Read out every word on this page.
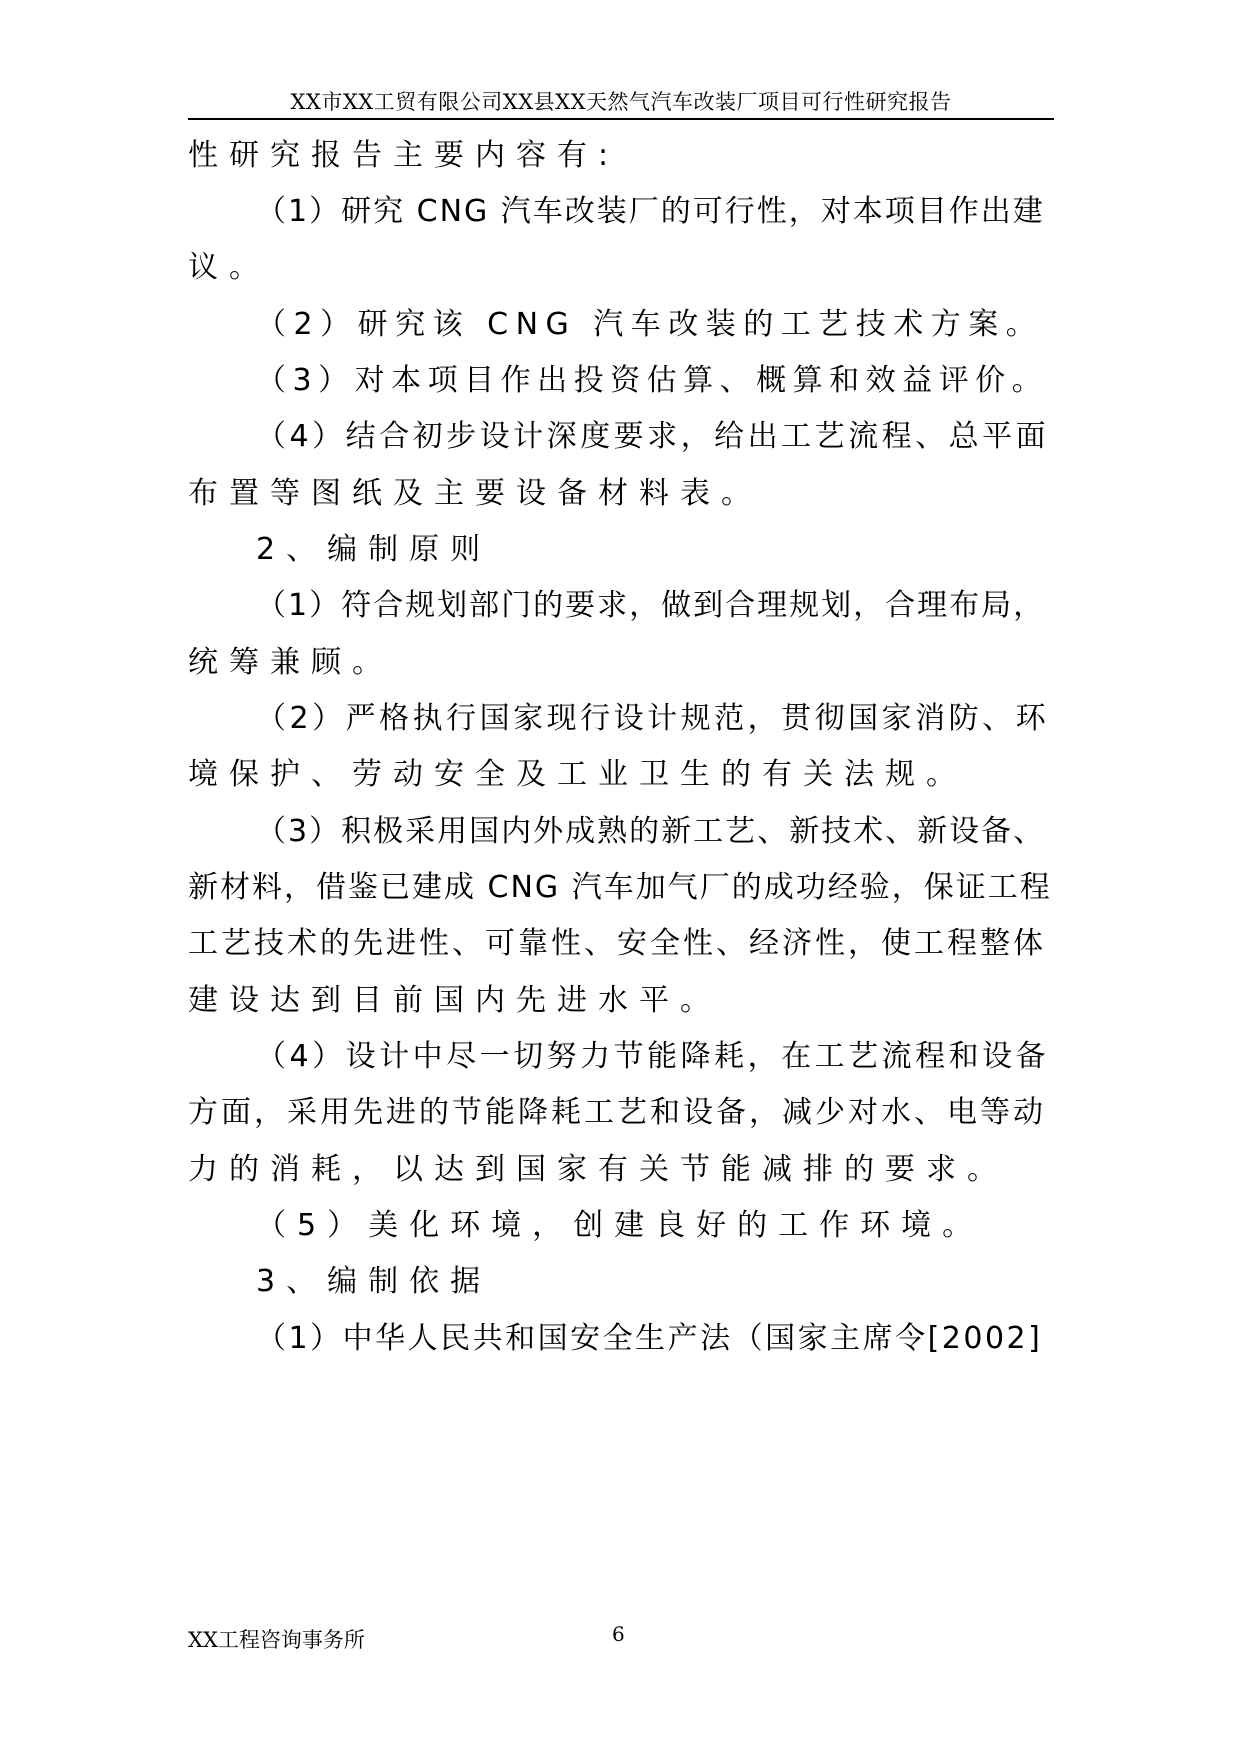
XX市XX工贸有限公司XX县XX天然气汽车改装厂项目可行性研究报告
性研究报告主要内容有:
（1）研究 CNG 汽车改装厂的可行性，对本项目作出建
议。
（2）研究该 CNG 汽车改装的工艺技术方案。
（3）对本项目作出投资估算、概算和效益评价。
（4）结合初步设计深度要求，给出工艺流程、总平面
布置等图纸及主要设备材料表。
2、编制原则
（1）符合规划部门的要求，做到合理规划，合理布局，
统筹兼顾。
（2）严格执行国家现行设计规范，贯彻国家消防、环
境保护、劳动安全及工业卫生的有关法规。
（3）积极采用国内外成熟的新工艺、新技术、新设备、
新材料，借鉴已建成 CNG 汽车加气厂的成功经验，保证工程
工艺技术的先进性、可靠性、安全性、经济性，使工程整体
建设达到目前国内先进水平。
（4）设计中尽一切努力节能降耗，在工艺流程和设备
方面，采用先进的节能降耗工艺和设备，减少对水、电等动
力的消耗，以达到国家有关节能减排的要求。
（5）美化环境，创建良好的工作环境。
3、编制依据
（1）中华人民共和国安全生产法（国家主席令[2002]
XX工程咨询事务所	6
